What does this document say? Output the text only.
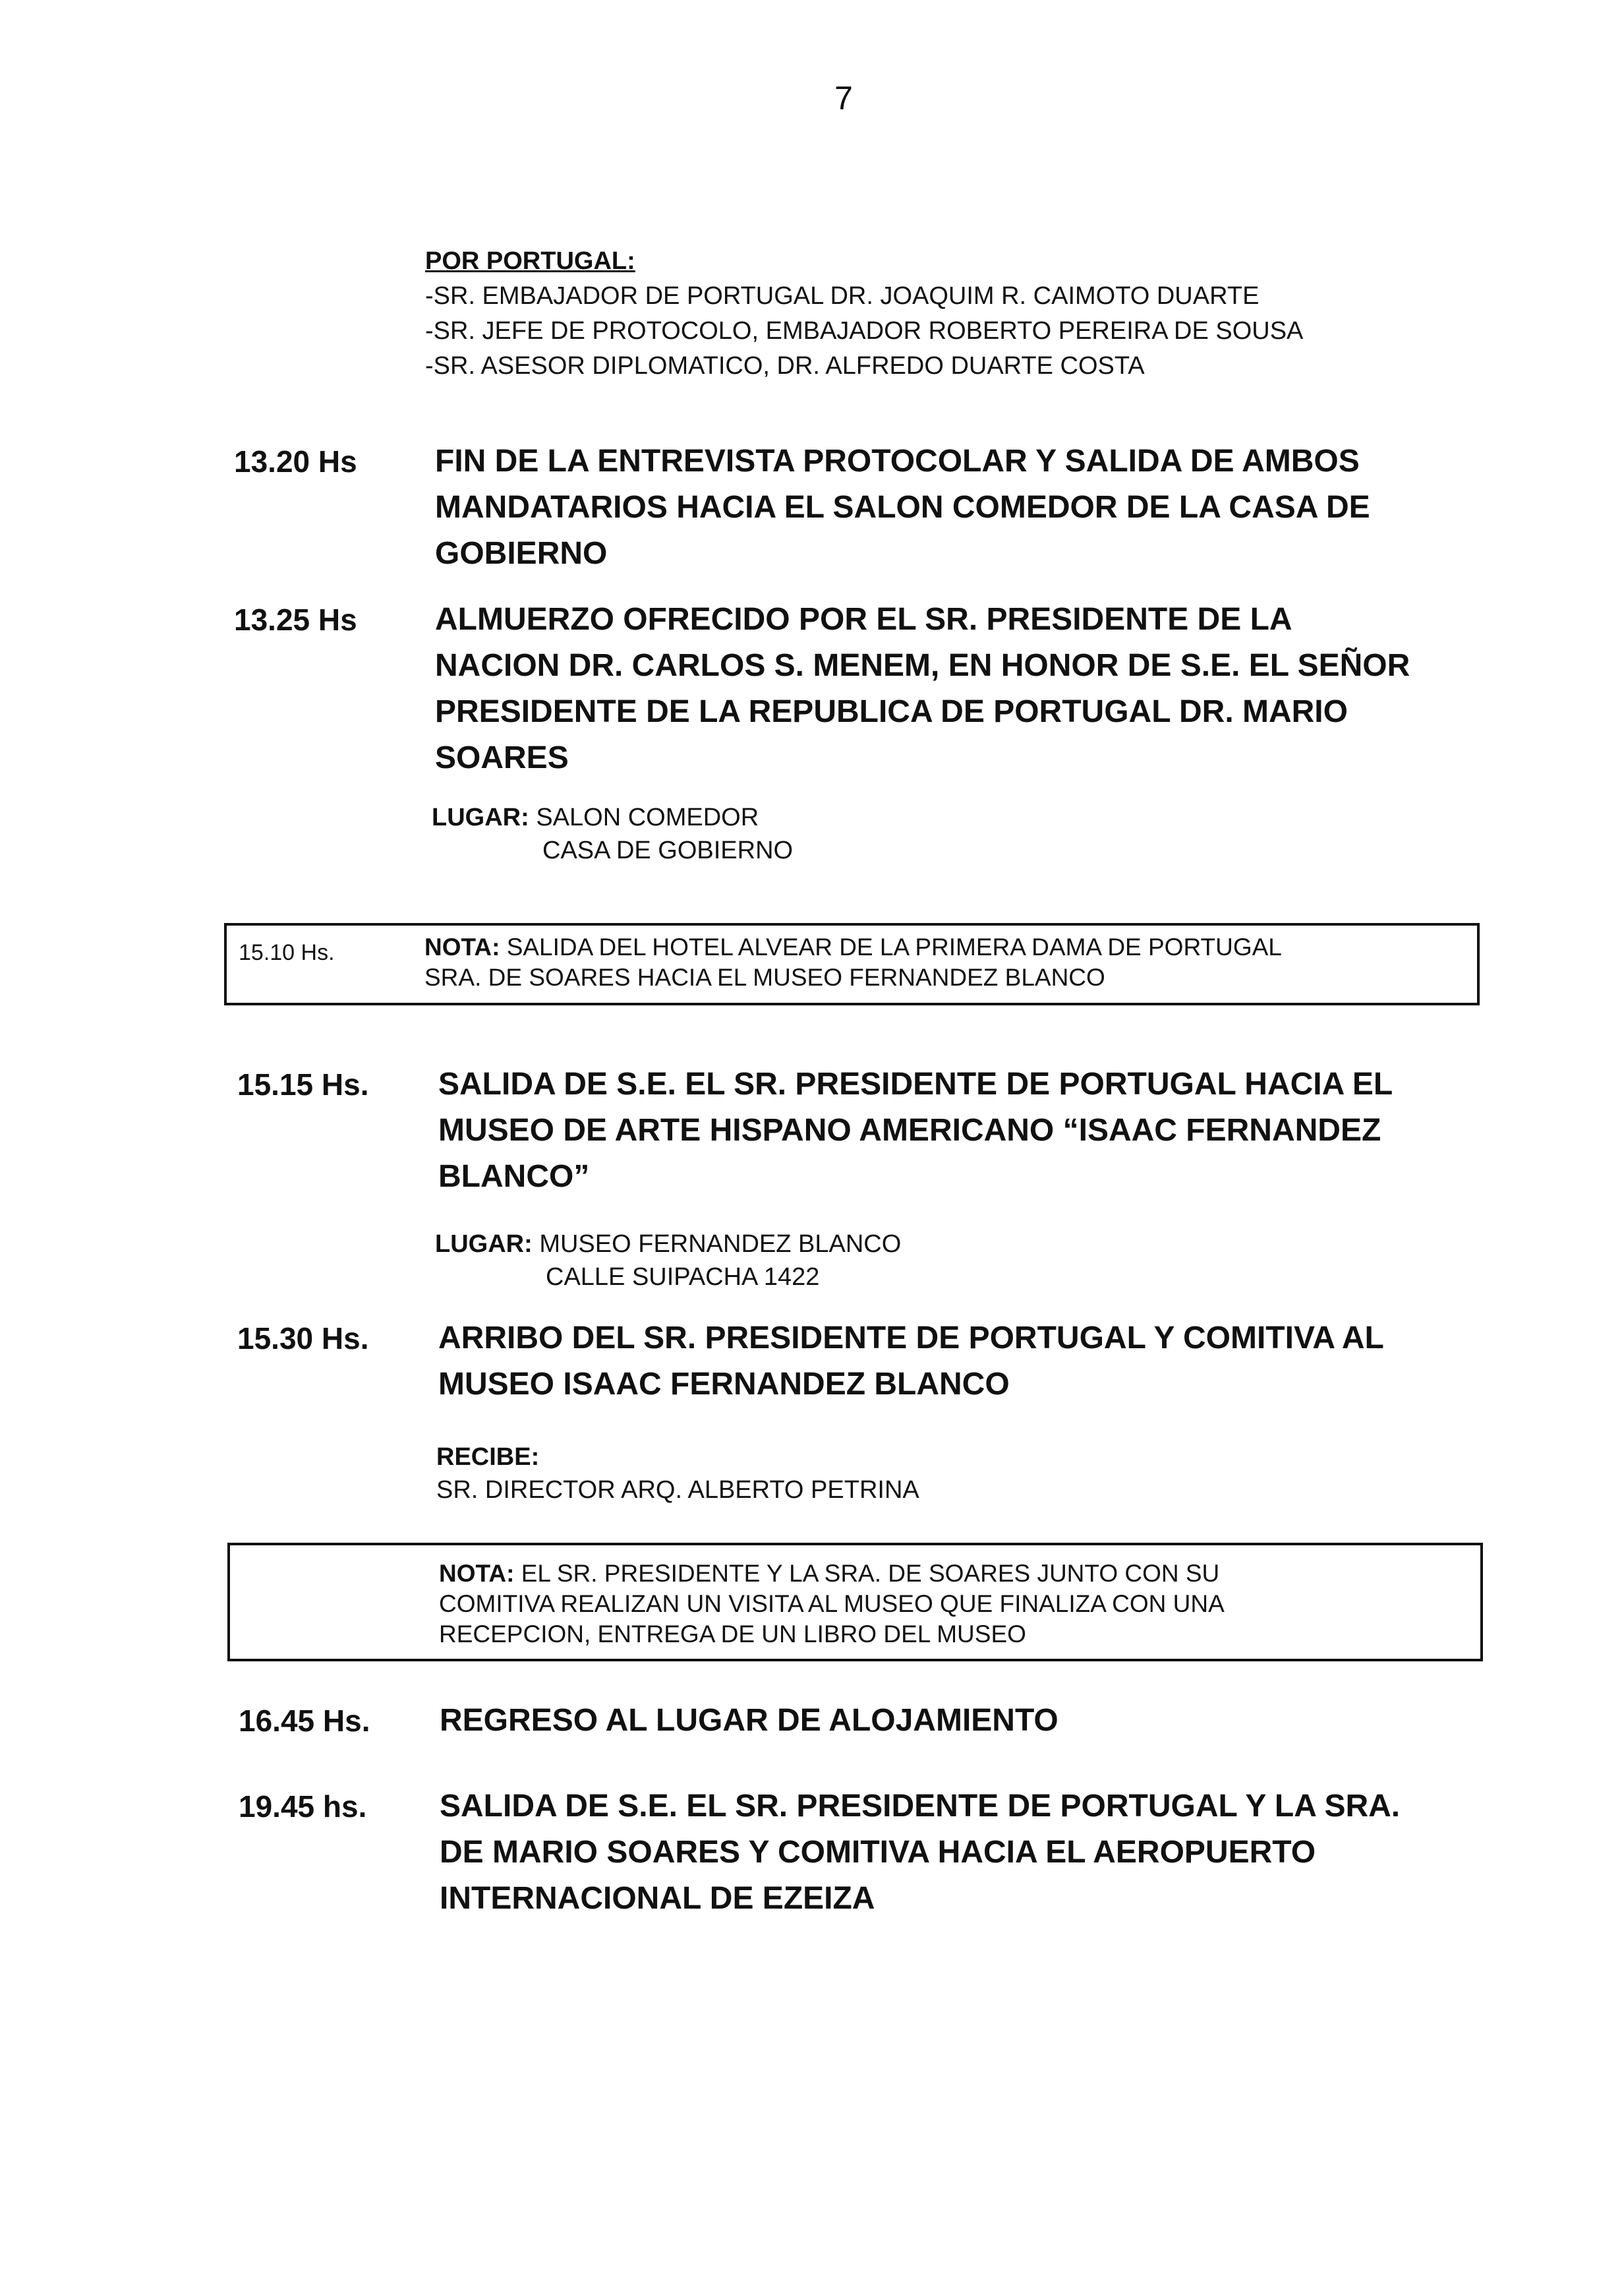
7
POR PORTUGAL:
-SR. EMBAJADOR DE PORTUGAL DR. JOAQUIM R. CAIMOTO DUARTE
-SR. JEFE DE PROTOCOLO, EMBAJADOR ROBERTO PEREIRA DE SOUSA
-SR. ASESOR DIPLOMATICO, DR. ALFREDO DUARTE COSTA
13.20 Hs	FIN DE LA ENTREVISTA PROTOCOLAR Y SALIDA DE AMBOS
MANDATARIOS HACIA EL SALON COMEDOR DE LA CASA DE
GOBIERNO
13.25 Hs	ALMUERZO OFRECIDO POR EL SR. PRESIDENTE DE LA
NACION DR. CARLOS S. MENEM, EN HONOR DE S.E. EL SEÑOR
PRESIDENTE DE LA REPUBLICA DE PORTUGAL DR. MARIO
SOARES
LUGAR: SALON COMEDOR
CASA DE GOBIERNO
15.10 Hs.	NOTA: SALIDA DEL HOTEL ALVEAR DE LA PRIMERA DAMA DE PORTUGAL
SRA. DE SOARES HACIA EL MUSEO FERNANDEZ BLANCO
15.15 Hs.	SALIDA DE S.E. EL SR. PRESIDENTE DE PORTUGAL HACIA EL
MUSEO DE ARTE HISPANO AMERICANO “ISAAC FERNANDEZ
BLANCO”
LUGAR: MUSEO FERNANDEZ BLANCO
CALLE SUIPACHA 1422
15.30 Hs.	ARRIBO DEL SR. PRESIDENTE DE PORTUGAL Y COMITIVA AL
MUSEO ISAAC FERNANDEZ BLANCO
RECIBE:
SR. DIRECTOR ARQ. ALBERTO PETRINA
NOTA: EL SR. PRESIDENTE Y LA SRA. DE SOARES JUNTO CON SU
COMITIVA REALIZAN UN VISITA AL MUSEO QUE FINALIZA CON UNA
RECEPCION, ENTREGA DE UN LIBRO DEL MUSEO
16.45 Hs.	REGRESO AL LUGAR DE ALOJAMIENTO
19.45 hs.	SALIDA DE S.E. EL SR. PRESIDENTE DE PORTUGAL Y LA SRA.
DE MARIO SOARES Y COMITIVA HACIA EL AEROPUERTO
INTERNACIONAL DE EZEIZA
